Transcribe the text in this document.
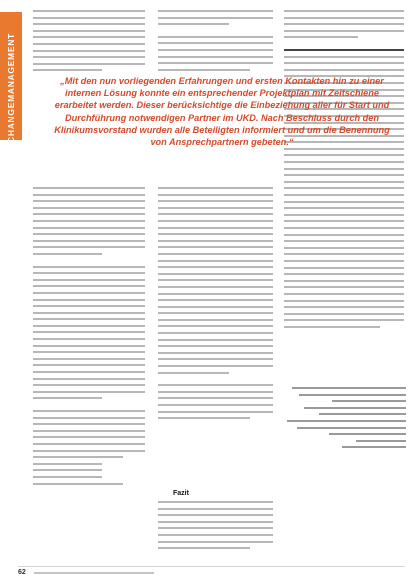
CHANGEMANAGEMENT	„Mit den nun vorliegenden Erfahrungen und ersten Kontakten hin zu einer internen Lösung konnte ein entsprechender Projektplan mit Zeitschiene erarbeitet werden. Dieser berücksichtige die Einbeziehung aller für Start und Durchführung notwendigen Partner im UKD. Nach Beschluss durch den Klinikumsvorstand wurden alle Beteiligten informiert und um die Benennung von Ansprechpartnern gebeten.“
Fazit
62
